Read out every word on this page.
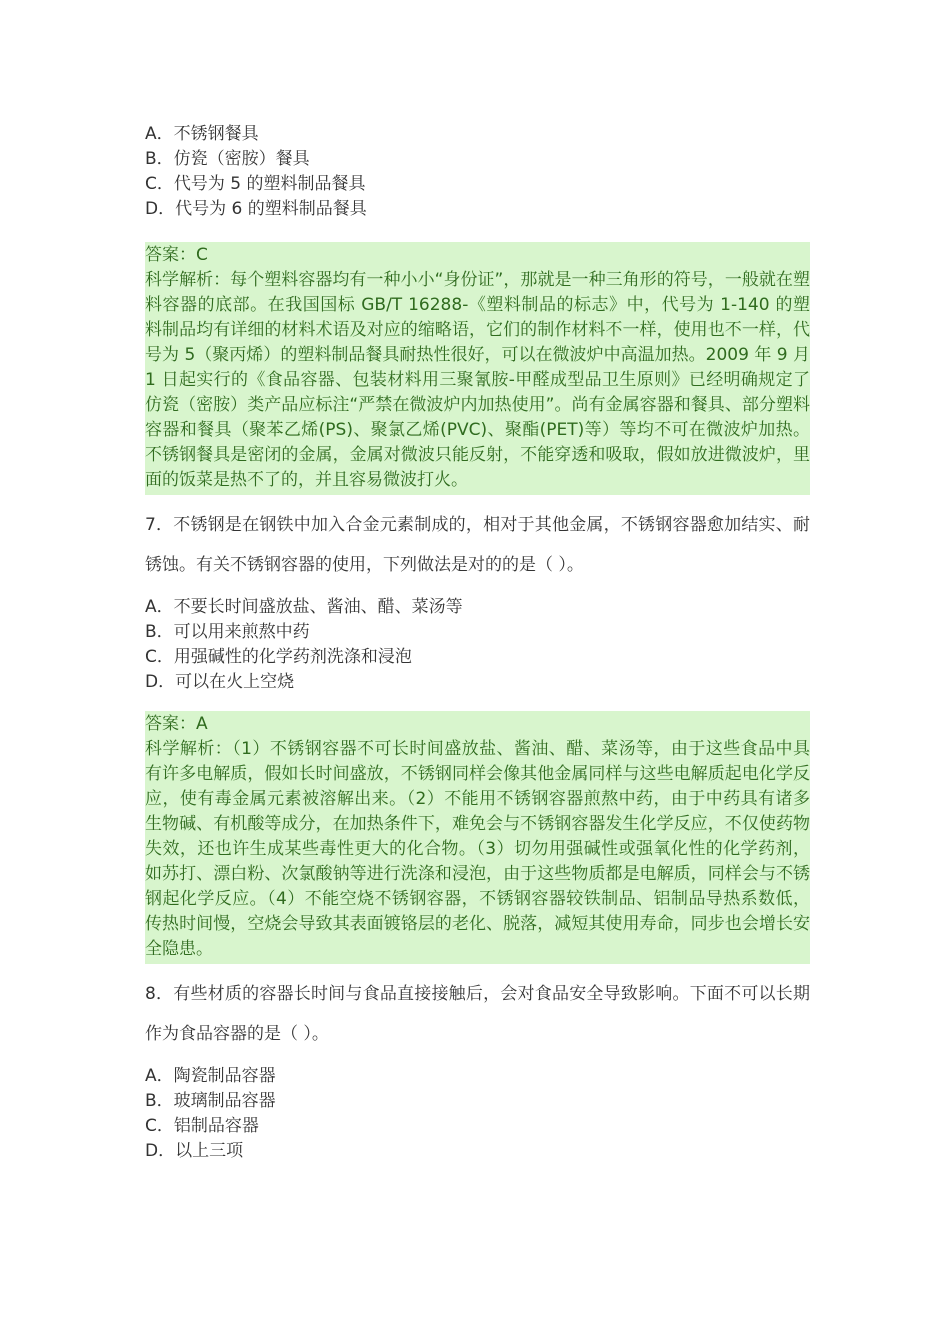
A．不锈钢餐具
B．仿瓷（密胺）餐具
C．代号为 5 的塑料制品餐具
D．代号为 6 的塑料制品餐具
答案：C
科学解析：每个塑料容器均有一种小小“身份证”，那就是一种三角形的符号，一般就在塑料容器的底部。在我国国标 GB/T 16288-《塑料制品的标志》中，代号为 1-140 的塑料制品均有详细的材料术语及对应的缩略语，它们的制作材料不一样，使用也不一样，代号为 5（聚丙烯）的塑料制品餐具耐热性很好，可以在微波炉中高温加热。2009 年 9 月 1 日起实行的《食品容器、包装材料用三聚氰胺-甲醛成型品卫生原则》已经明确规定了仿瓷（密胺）类产品应标注“严禁在微波炉内加热使用”。尚有金属容器和餐具、部分塑料容器和餐具（聚苯乙烯(PS)、聚氯乙烯(PVC)、聚酯(PET)等）等均不可在微波炉加热。不锈钢餐具是密闭的金属，金属对微波只能反射，不能穿透和吸取，假如放进微波炉，里面的饭菜是热不了的，并且容易微波打火。
7．不锈钢是在钢铁中加入合金元素制成的，相对于其他金属，不锈钢容器愈加结实、耐锈蚀。有关不锈钢容器的使用，下列做法是对的的是（ ）。
A．不要长时间盛放盐、酱油、醋、菜汤等
B．可以用来煎熬中药
C．用强碱性的化学药剂洗涤和浸泡
D．可以在火上空烧
答案：A
科学解析：（1）不锈钢容器不可长时间盛放盐、酱油、醋、菜汤等，由于这些食品中具有许多电解质，假如长时间盛放，不锈钢同样会像其他金属同样与这些电解质起电化学反应，使有毒金属元素被溶解出来。（2）不能用不锈钢容器煎熬中药，由于中药具有诸多生物碱、有机酸等成分，在加热条件下，难免会与不锈钢容器发生化学反应，不仅使药物失效，还也许生成某些毒性更大的化合物。（3）切勿用强碱性或强氧化性的化学药剂，如苏打、漂白粉、次氯酸钠等进行洗涤和浸泡，由于这些物质都是电解质，同样会与不锈钢起化学反应。（4）不能空烧不锈钢容器，不锈钢容器较铁制品、铝制品导热系数低，传热时间慢，空烧会导致其表面镀铬层的老化、脱落，减短其使用寿命，同步也会增长安全隐患。
8．有些材质的容器长时间与食品直接接触后，会对食品安全导致影响。下面不可以长期作为食品容器的是（ ）。
A．陶瓷制品容器
B．玻璃制品容器
C．铝制品容器
D．以上三项
